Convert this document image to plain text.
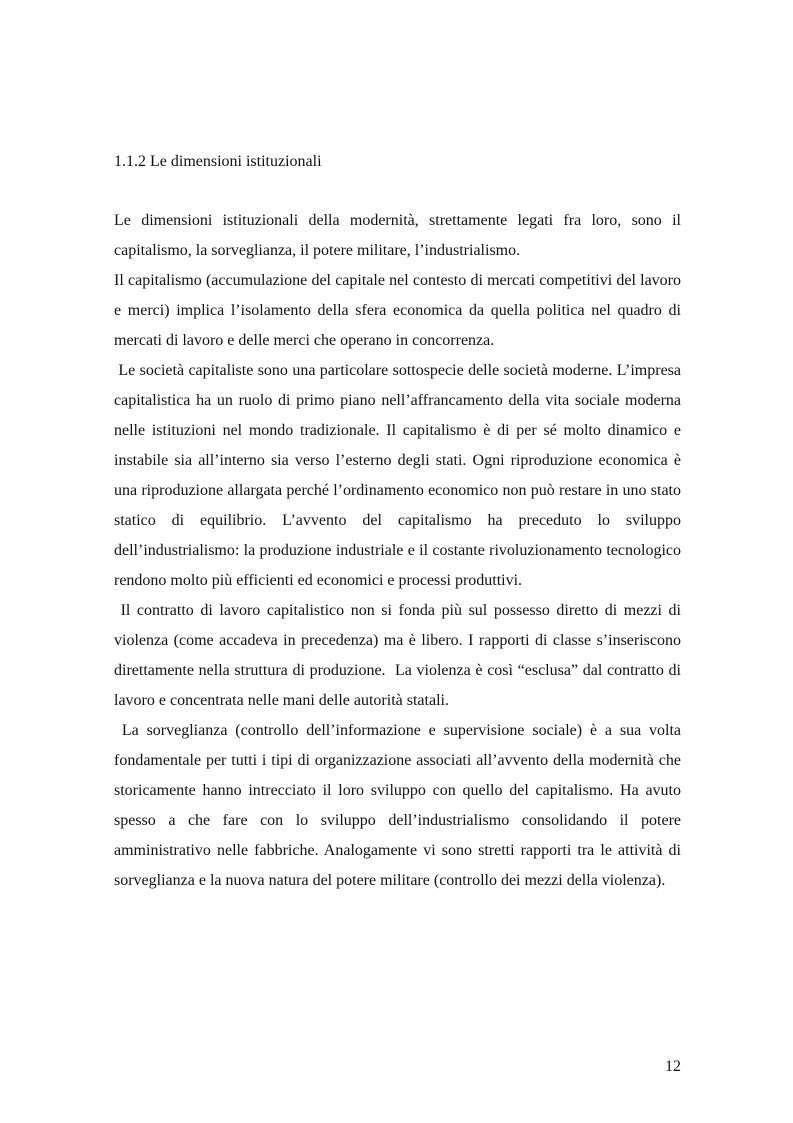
1.1.2 Le dimensioni istituzionali

Le dimensioni istituzionali della modernità, strettamente legati fra loro, sono il capitalismo, la sorveglianza, il potere militare, l’industrialismo.

Il capitalismo (accumulazione del capitale nel contesto di mercati competitivi del lavoro e merci) implica l’isolamento della sfera economica da quella politica nel quadro di mercati di lavoro e delle merci che operano in concorrenza.

Le società capitaliste sono una particolare sottospecie delle società moderne. L’impresa capitalistica ha un ruolo di primo piano nell’affrancamento della vita sociale moderna nelle istituzioni nel mondo tradizionale. Il capitalismo è di per sé molto dinamico e instabile sia all’interno sia verso l’esterno degli stati. Ogni riproduzione economica è una riproduzione allargata perché l’ordinamento economico non può restare in uno stato statico di equilibrio. L’avvento del capitalismo ha preceduto lo sviluppo dell’industrialismo: la produzione industriale e il costante rivoluzionamento tecnologico rendono molto più efficienti ed economici e processi produttivi.

Il contratto di lavoro capitalistico non si fonda più sul possesso diretto di mezzi di violenza (come accadeva in precedenza) ma è libero. I rapporti di classe s’inseriscono direttamente nella struttura di produzione.  La violenza è così “esclusa” dal contratto di lavoro e concentrata nelle mani delle autorità statali.

La sorveglianza (controllo dell’informazione e supervisione sociale) è a sua volta fondamentale per tutti i tipi di organizzazione associati all’avvento della modernità che storicamente hanno intrecciato il loro sviluppo con quello del capitalismo. Ha avuto spesso a che fare con lo sviluppo dell’industrialismo consolidando il potere amministrativo nelle fabbriche. Analogamente vi sono stretti rapporti tra le attività di sorveglianza e la nuova natura del potere militare (controllo dei mezzi della violenza).

12
